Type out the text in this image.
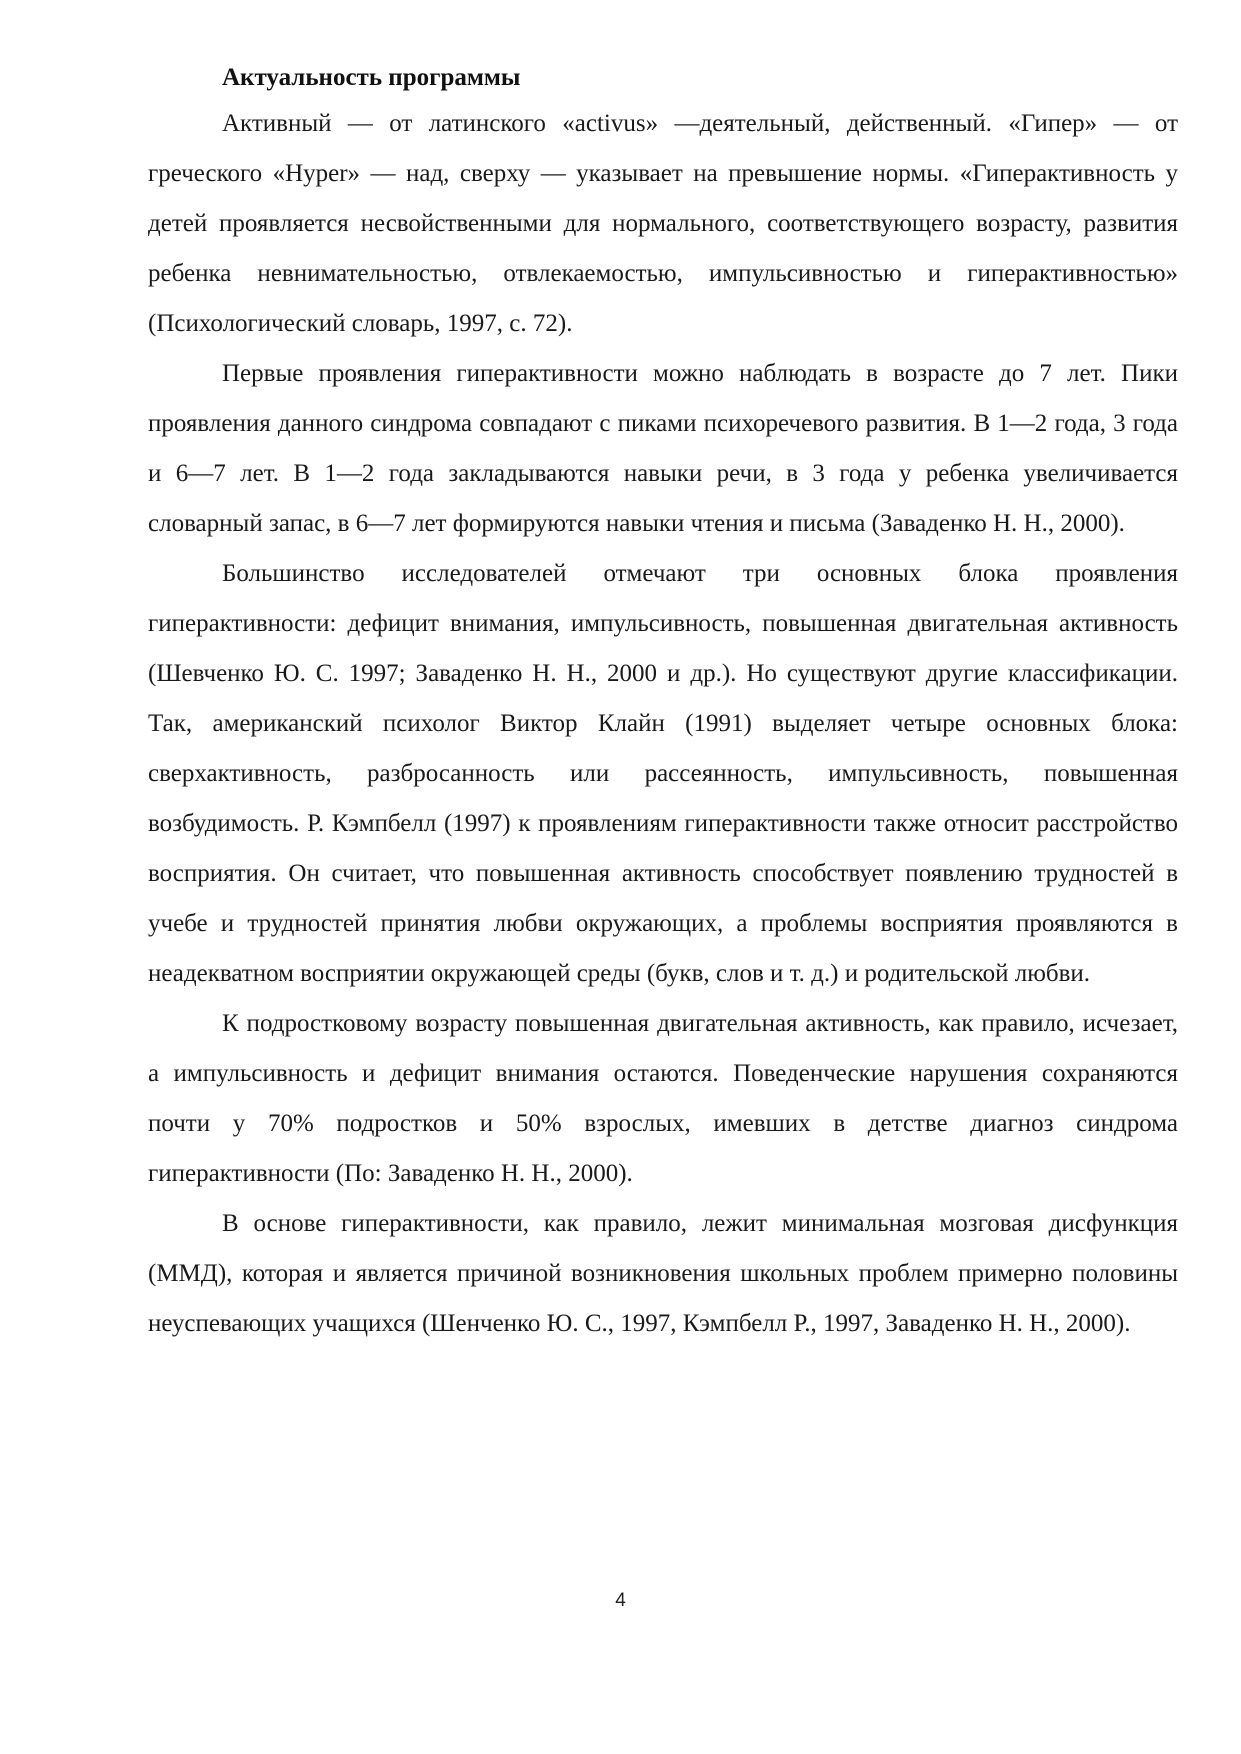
Актуальность программы

Активный — от латинского «activus» —деятельный, действенный. «Гипер» — от греческого «Hyper» — над, сверху — указывает на превышение нормы. «Гиперактивность у детей проявляется несвойственными для нормального, соответствующего возрасту, развития ребенка невнимательностью, отвлекаемостью, импульсивностью и гиперактивностью» (Психологический словарь, 1997, с. 72).

Первые проявления гиперактивности можно наблюдать в возрасте до 7 лет. Пики проявления данного синдрома совпадают с пиками психоречевого развития. В 1—2 года, 3 года и 6—7 лет. В 1—2 года закладываются навыки речи, в 3 года у ребенка увеличивается словарный запас, в 6—7 лет формируются навыки чтения и письма (Заваденко Н. Н., 2000).

Большинство исследователей отмечают три основных блока проявления гиперактивности: дефицит внимания, импульсивность, повышенная двигательная активность (Шевченко Ю. С. 1997; Заваденко Н. Н., 2000 и др.). Но существуют другие классификации. Так, американский психолог Виктор Клайн (1991) выделяет четыре основных блока: сверхактивность, разбросанность или рассеянность, импульсивность, повышенная возбудимость. Р. Кэмпбелл (1997) к проявлениям гиперактивности также относит расстройство восприятия. Он считает, что повышенная активность способствует появлению трудностей в учебе и трудностей принятия любви окружающих, а проблемы восприятия проявляются в неадекватном восприятии окружающей среды (букв, слов и т. д.) и родительской любви.

К подростковому возрасту повышенная двигательная активность, как правило, исчезает, а импульсивность и дефицит внимания остаются. Поведенческие нарушения сохраняются почти у 70% подростков и 50% взрослых, имевших в детстве диагноз синдрома гиперактивности (По: Заваденко Н. Н., 2000).

В основе гиперактивности, как правило, лежит минимальная мозговая дисфункция (ММД), которая и является причиной возникновения школьных проблем примерно половины неуспевающих учащихся (Шенченко Ю. С., 1997, Кэмпбелл Р., 1997, Заваденко Н. Н., 2000).

4
